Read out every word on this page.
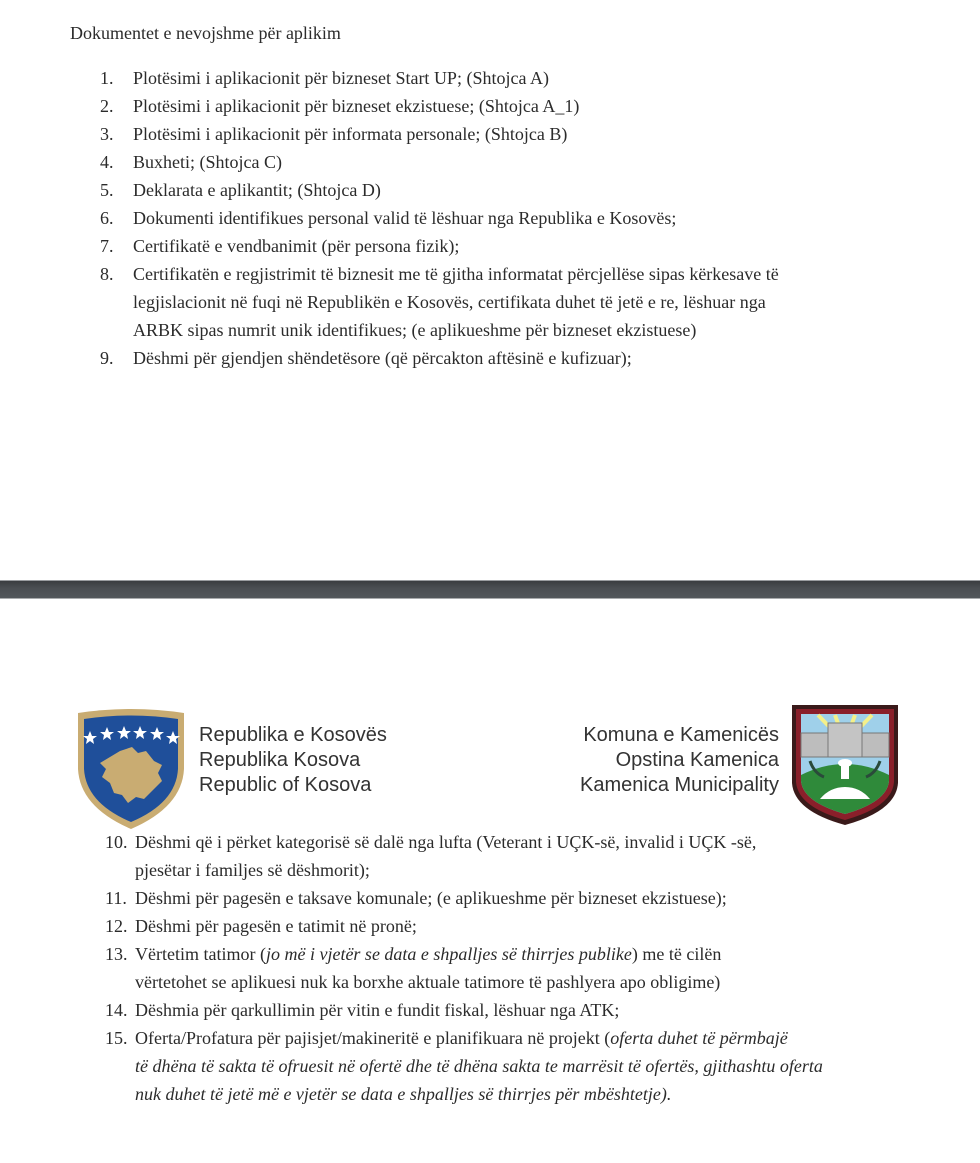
Dokumentet e nevojshme për aplikim
1. Plotësimi i aplikacionit për bizneset Start UP; (Shtojca A)
2. Plotësimi i aplikacionit për bizneset ekzistuese; (Shtojca A_1)
3. Plotësimi i aplikacionit për informata personale; (Shtojca B)
4. Buxheti; (Shtojca C)
5. Deklarata e aplikantit; (Shtojca D)
6. Dokumenti identifikues personal valid të lëshuar nga Republika e Kosovës;
7. Certifikatë e vendbanimit (për persona fizik);
8. Certifikatën e regjistrimit të biznesit me të gjitha informatat përcjellëse sipas kërkesave të
legjislacionit në fuqi në Republikën e Kosovës, certifikata duhet të jetë e re, lëshuar nga
ARBK sipas numrit unik identifikues; (e aplikueshme për bizneset ekzistuese)
9. Dëshmi për gjendjen shëndetësore (që përcakton aftësinë e kufizuar);
Republika e Kosovës
Republika Kosova
Republic of Kosova
Komuna e Kamenicës
Opstina Kamenica
Kamenica Municipality
10. Dëshmi që i përket kategorisë së dalë nga lufta (Veterant i UÇK-së, invalid i UÇK -së,
pjesëtar i familjes së dëshmorit);
11. Dëshmi për pagesën e taksave komunale; (e aplikueshme për bizneset ekzistuese);
12. Dëshmi për pagesën e tatimit në pronë;
13. Vërtetim tatimor (jo më i vjetër se data e shpalljes së thirrjes publike) me të cilën
vërtetohet se aplikuesi nuk ka borxhe aktuale tatimore të pashlyera apo obligime)
14. Dëshmia për qarkullimin për vitin e fundit fiskal, lëshuar nga ATK;
15. Oferta/Profatura për pajisjet/makineritë e planifikuara në projekt (oferta duhet të përmbajë
të dhëna të sakta të ofruesit në ofertë dhe të dhëna sakta te marrësit të ofertës, gjithashtu oferta
nuk duhet të jetë më e vjetër se data e shpalljes së thirrjes për mbështetje).
